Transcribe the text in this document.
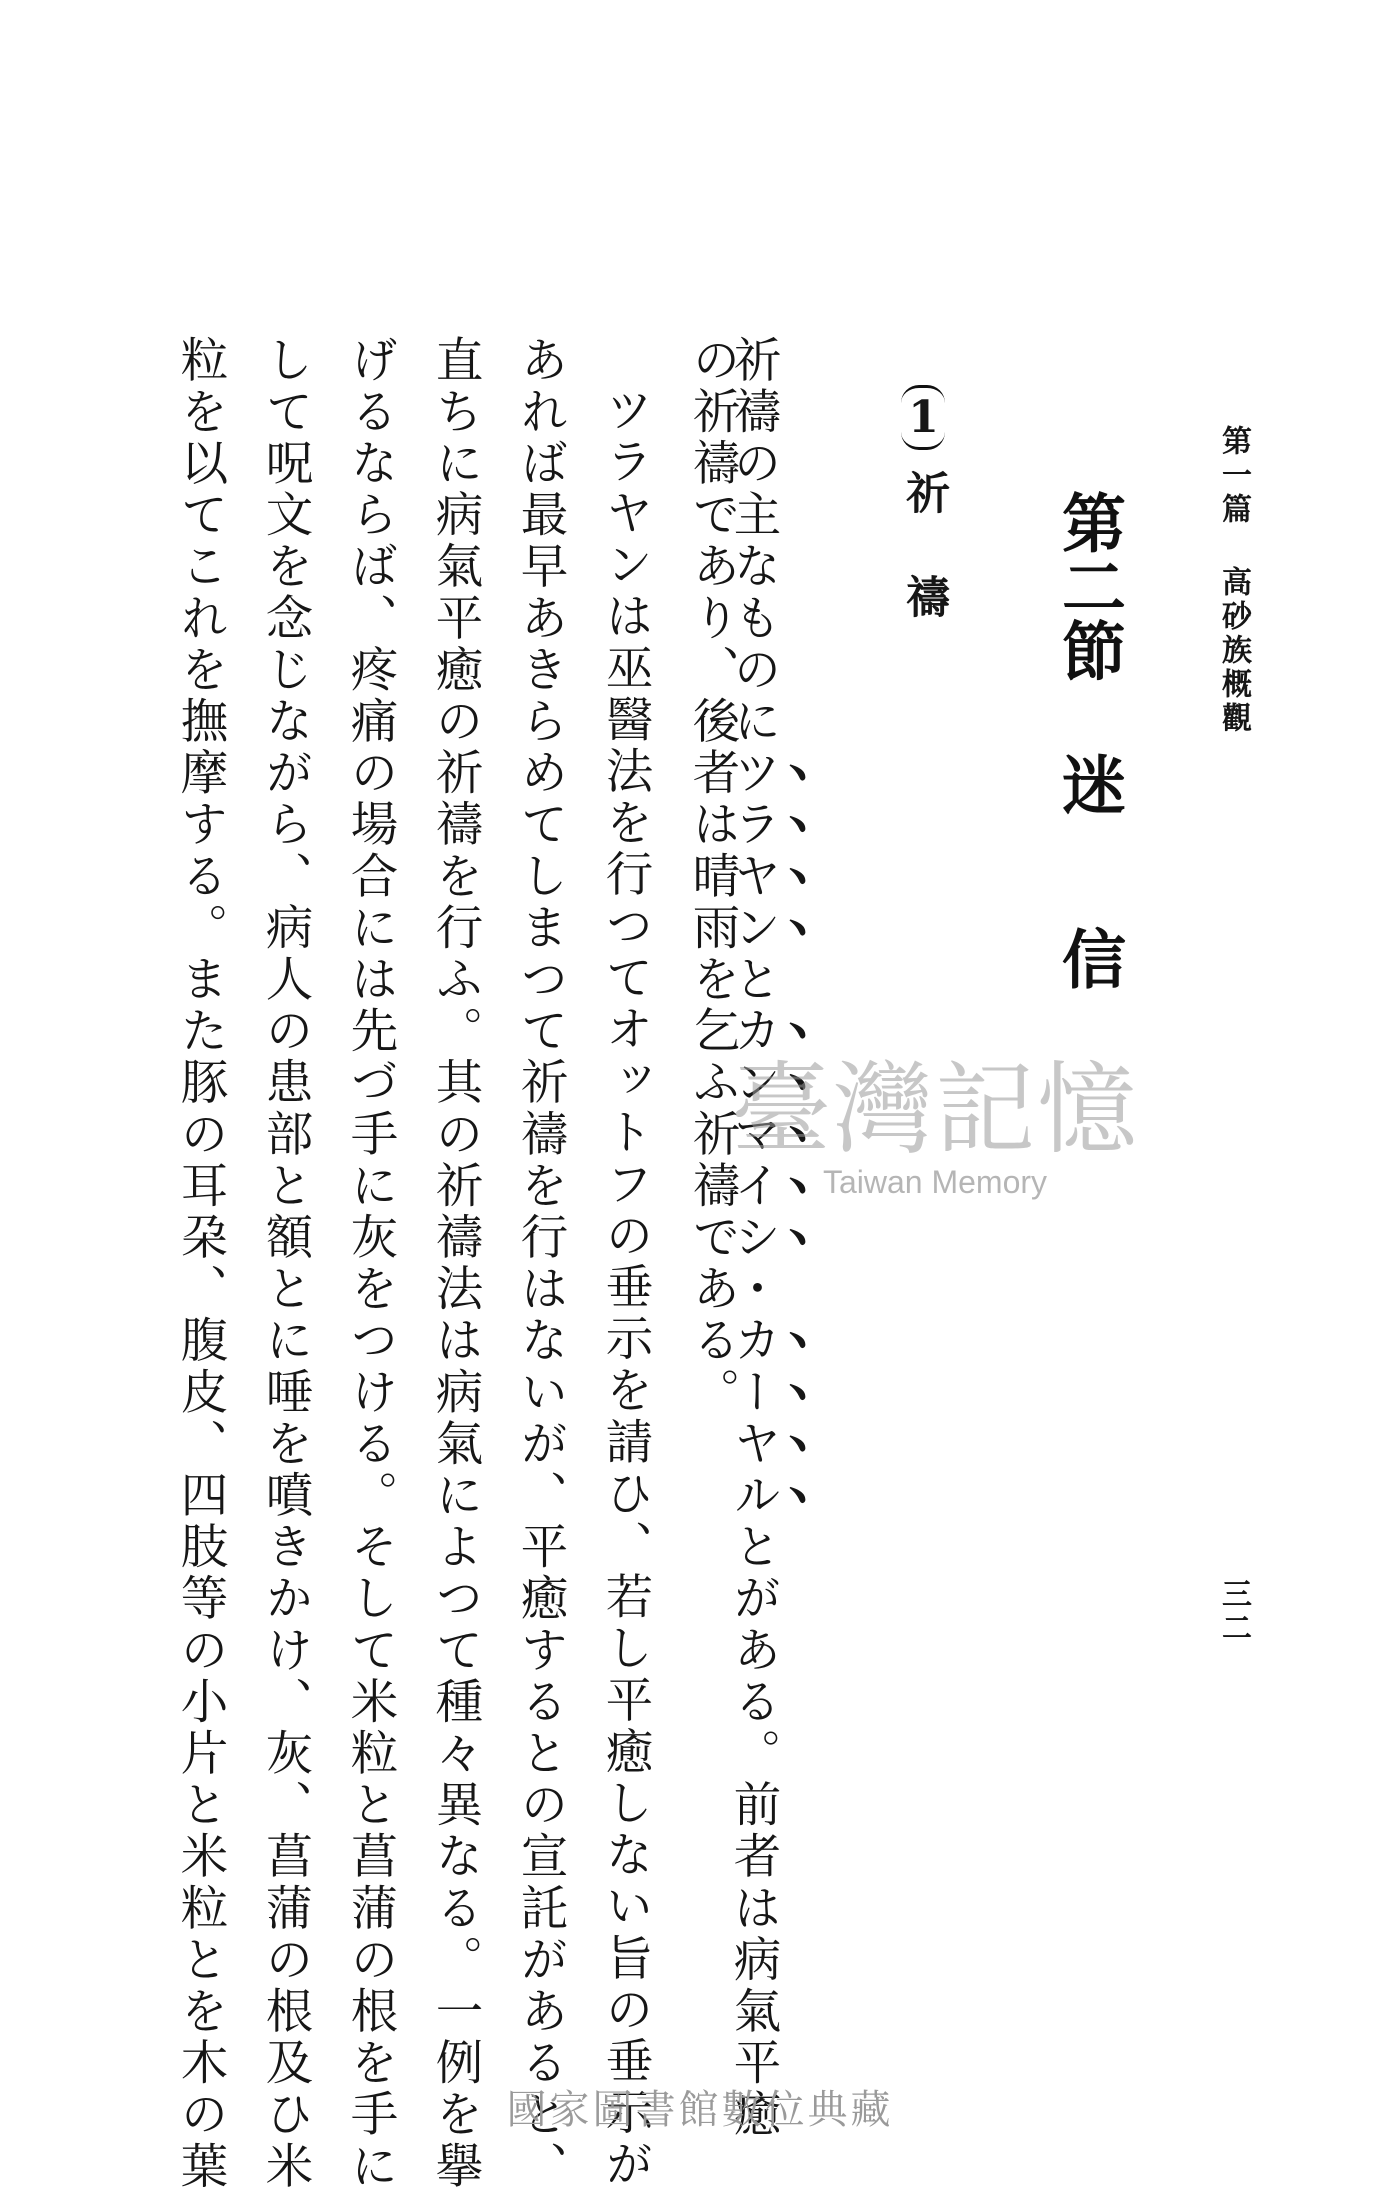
第一篇 高砂族概觀
三二
第二節迷信
1祈禱
祈禱の主なものにツラヤンとカンマイシ・カーヤルとがある。前者は病氣平癒
の祈禱であり、後者は晴雨を乞ふ祈禱である。
ツラヤンは巫醫法を行つてオットフの垂示を請ひ、若し平癒しない旨の垂示が
あれば最早あきらめてしまつて祈禱を行はないが、平癒するとの宣託があると、
直ちに病氣平癒の祈禱を行ふ。其の祈禱法は病氣によつて種々異なる。一例を擧
げるならば、疼痛の場合には先づ手に灰をつける。そして米粒と菖蒲の根を手に
して呪文を念じながら、病人の患部と額とに唾を噴きかけ、灰、菖蒲の根及ひ米
粒を以てこれを撫摩する。また豚の耳朶、腹皮、四肢等の小片と米粒とを木の葉	臺灣記憶
Taiwan Memory
國家圖書館數位典藏
